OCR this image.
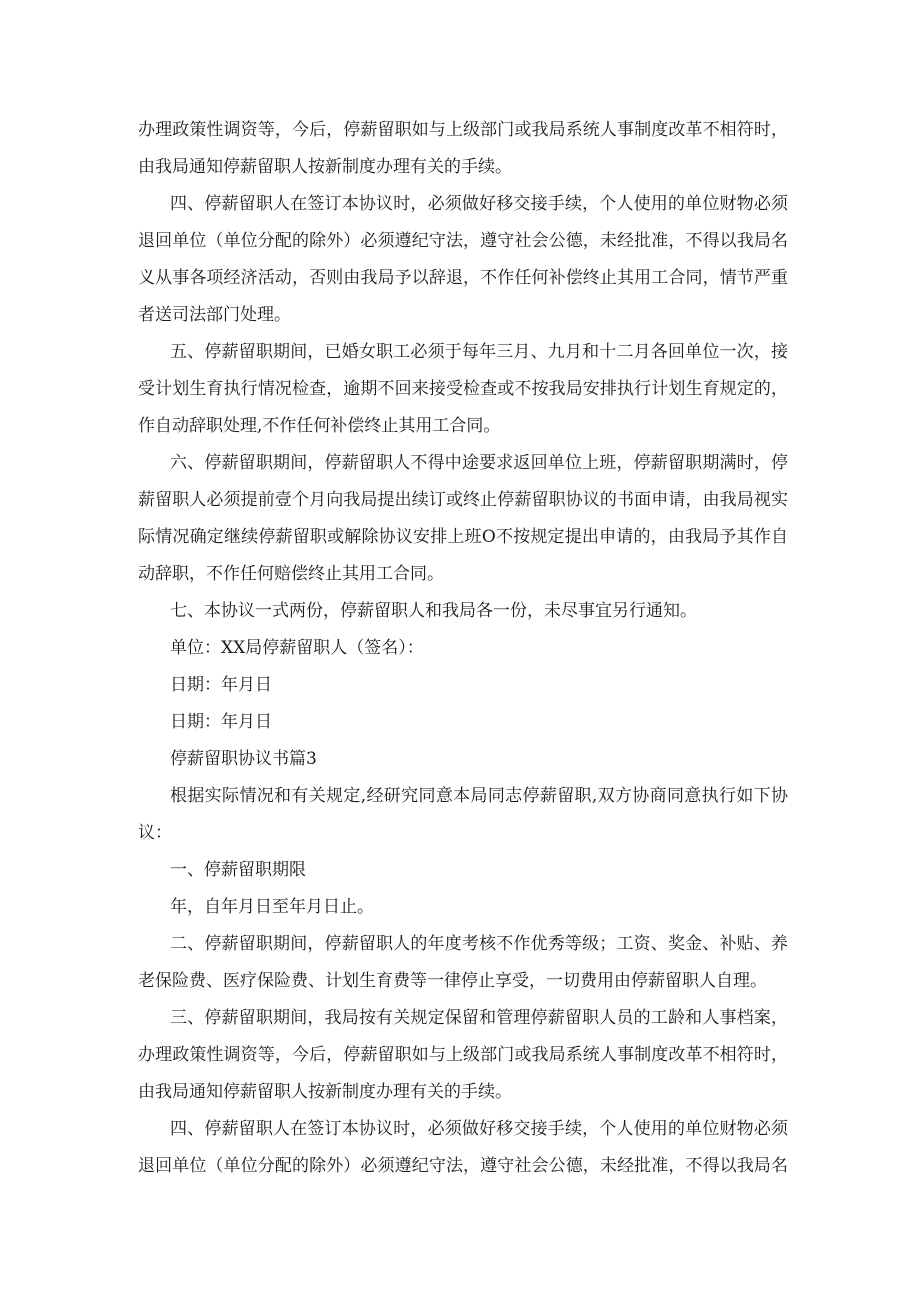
办理政策性调资等，今后，停薪留职如与上级部门或我局系统人事制度改革不相符时，
由我局通知停薪留职人按新制度办理有关的手续。
四、停薪留职人在签订本协议时，必须做好移交接手续，个人使用的单位财物必须
退回单位（单位分配的除外）必须遵纪守法，遵守社会公德，未经批准，不得以我局名
义从事各项经济活动，否则由我局予以辞退，不作任何补偿终止其用工合同，情节严重
者送司法部门处理。
五、停薪留职期间，已婚女职工必须于每年三月、九月和十二月各回单位一次，接
受计划生育执行情况检查，逾期不回来接受检查或不按我局安排执行计划生育规定的，
作自动辞职处理,不作任何补偿终止其用工合同。
六、停薪留职期间，停薪留职人不得中途要求返回单位上班，停薪留职期满时，停
薪留职人必须提前壹个月向我局提出续订或终止停薪留职协议的书面申请，由我局视实
际情况确定继续停薪留职或解除协议安排上班O不按规定提出申请的，由我局予其作自
动辞职，不作任何赔偿终止其用工合同。
七、本协议一式两份，停薪留职人和我局各一份，未尽事宜另行通知。
单位：XX局停薪留职人（签名）：
日期：年月日
日期：年月日
停薪留职协议书篇3
根据实际情况和有关规定,经研究同意本局同志停薪留职,双方协商同意执行如下协
议：
一、停薪留职期限
年，自年月日至年月日止。
二、停薪留职期间，停薪留职人的年度考核不作优秀等级；工资、奖金、补贴、养
老保险费、医疗保险费、计划生育费等一律停止享受，一切费用由停薪留职人自理。
三、停薪留职期间，我局按有关规定保留和管理停薪留职人员的工龄和人事档案，
办理政策性调资等，今后，停薪留职如与上级部门或我局系统人事制度改革不相符时，
由我局通知停薪留职人按新制度办理有关的手续。
四、停薪留职人在签订本协议时，必须做好移交接手续，个人使用的单位财物必须
退回单位（单位分配的除外）必须遵纪守法，遵守社会公德，未经批准，不得以我局名
